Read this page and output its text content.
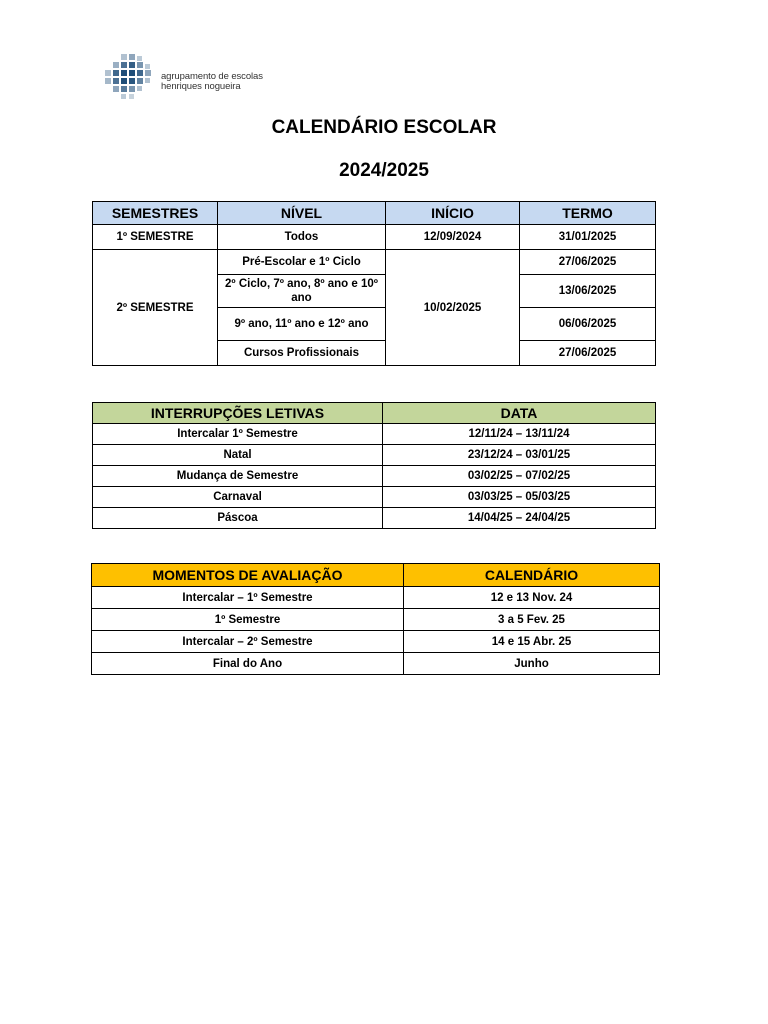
agrupamento de escolas
henriques nogueira
CALENDÁRIO ESCOLAR
2024/2025
SEMESTRES	NÍVEL	INÍCIO	TERMO
1º SEMESTRE	Todos	12/09/2024	31/01/2025
2º SEMESTRE	Pré-Escolar e 1º Ciclo	10/02/2025	27/06/2025
	2º Ciclo, 7º ano, 8º ano e 10º ano		13/06/2025
	9º ano, 11º ano e 12º ano		06/06/2025
	Cursos Profissionais		27/06/2025
INTERRUPÇÕES LETIVAS	DATA
Intercalar 1º Semestre	12/11/24 – 13/11/24
Natal	23/12/24 – 03/01/25
Mudança de Semestre	03/02/25 – 07/02/25
Carnaval	03/03/25 – 05/03/25
Páscoa	14/04/25 – 24/04/25
MOMENTOS DE AVALIAÇÃO	CALENDÁRIO
Intercalar – 1º Semestre	12 e 13 Nov. 24
1º Semestre	3 a 5 Fev. 25
Intercalar – 2º Semestre	14 e 15 Abr. 25
Final do Ano	Junho
